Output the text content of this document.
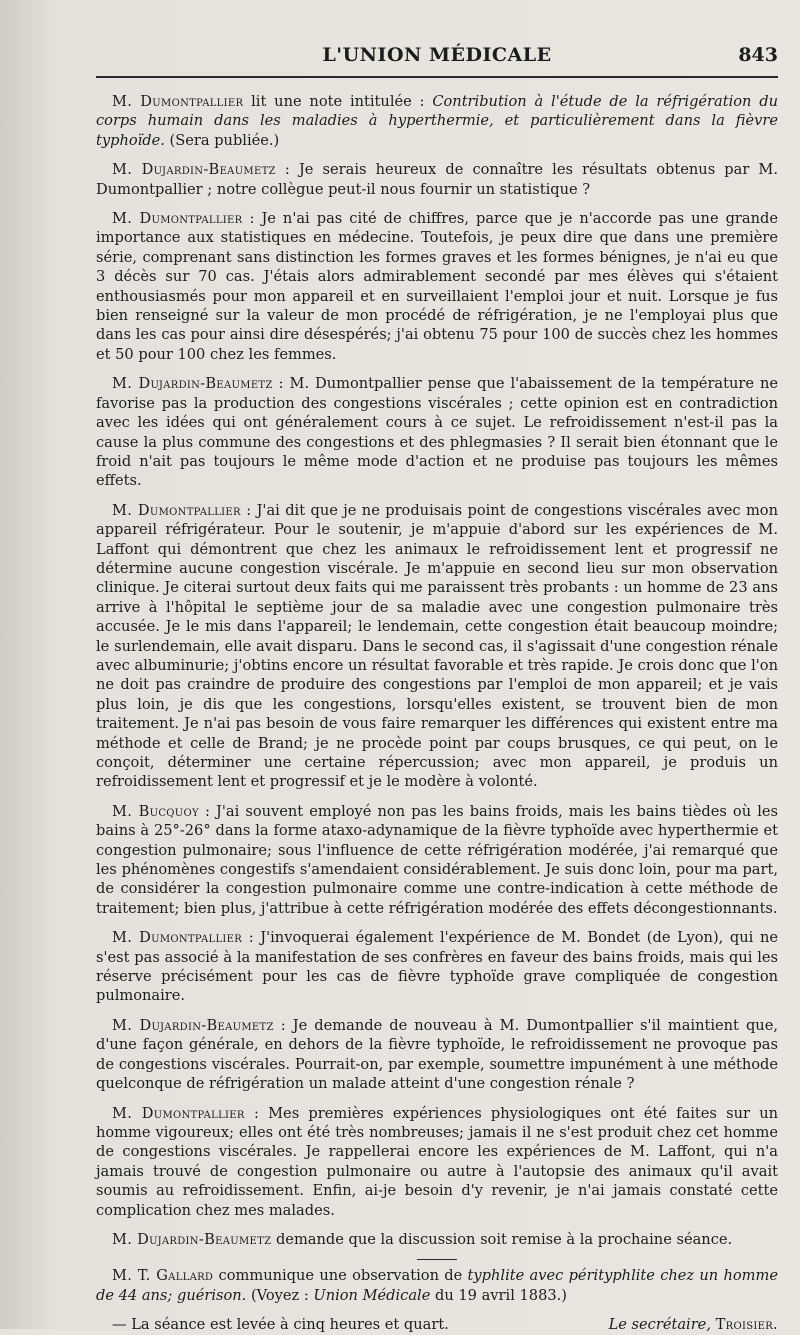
L'UNION MÉDICALE	843

M. Dumontpallier lit une note intitulée : Contribution à l'étude de la réfrigération du corps humain dans les maladies à hyperthermie, et particulièrement dans la fièvre typhoïde. (Sera publiée.)

M. Dujardin-Beaumetz : Je serais heureux de connaître les résultats obtenus par M. Dumontpallier ; notre collègue peut-il nous fournir un statistique ?

M. Dumontpallier : Je n'ai pas cité de chiffres, parce que je n'accorde pas une grande importance aux statistiques en médecine. Toutefois, je peux dire que dans une première série, comprenant sans distinction les formes graves et les formes bénignes, je n'ai eu que 3 décès sur 70 cas. J'étais alors admirablement secondé par mes élèves qui s'étaient enthousiasmés pour mon appareil et en surveillaient l'emploi jour et nuit. Lorsque je fus bien renseigné sur la valeur de mon procédé de réfrigération, je ne l'employai plus que dans les cas pour ainsi dire désespérés; j'ai obtenu 75 pour 100 de succès chez les hommes et 50 pour 100 chez les femmes.

M. Dujardin-Beaumetz : M. Dumontpallier pense que l'abaissement de la température ne favorise pas la production des congestions viscérales ; cette opinion est en contradiction avec les idées qui ont généralement cours à ce sujet. Le refroidissement n'est-il pas la cause la plus commune des congestions et des phlegmasies ? Il serait bien étonnant que le froid n'ait pas toujours le même mode d'action et ne produise pas toujours les mêmes effets.

M. Dumontpallier : J'ai dit que je ne produisais point de congestions viscérales avec mon appareil réfrigérateur. Pour le soutenir, je m'appuie d'abord sur les expériences de M. Laffont qui démontrent que chez les animaux le refroidissement lent et progressif ne détermine aucune congestion viscérale. Je m'appuie en second lieu sur mon observation clinique. Je citerai surtout deux faits qui me paraissent très probants : un homme de 23 ans arrive à l'hôpital le septième jour de sa maladie avec une congestion pulmonaire très accusée. Je le mis dans l'appareil; le lendemain, cette congestion était beaucoup moindre; le surlendemain, elle avait disparu. Dans le second cas, il s'agissait d'une congestion rénale avec albuminurie; j'obtins encore un résultat favorable et très rapide. Je crois donc que l'on ne doit pas craindre de produire des congestions par l'emploi de mon appareil; et je vais plus loin, je dis que les congestions, lorsqu'elles existent, se trouvent bien de mon traitement. Je n'ai pas besoin de vous faire remarquer les différences qui existent entre ma méthode et celle de Brand; je ne procède point par coups brusques, ce qui peut, on le conçoit, déterminer une certaine répercussion; avec mon appareil, je produis un refroidissement lent et progressif et je le modère à volonté.

M. Bucquoy : J'ai souvent employé non pas les bains froids, mais les bains tièdes où les bains à 25°-26° dans la forme ataxo-adynamique de la fièvre typhoïde avec hyperthermie et congestion pulmonaire; sous l'influence de cette réfrigération modérée, j'ai remarqué que les phénomènes congestifs s'amendaient considérablement. Je suis donc loin, pour ma part, de considérer la congestion pulmonaire comme une contre-indication à cette méthode de traitement; bien plus, j'attribue à cette réfrigération modérée des effets décongestionnants.

M. Dumontpallier : J'invoquerai également l'expérience de M. Bondet (de Lyon), qui ne s'est pas associé à la manifestation de ses confrères en faveur des bains froids, mais qui les réserve précisément pour les cas de fièvre typhoïde grave compliquée de congestion pulmonaire.

M. Dujardin-Beaumetz : Je demande de nouveau à M. Dumontpallier s'il maintient que, d'une façon générale, en dehors de la fièvre typhoïde, le refroidissement ne provoque pas de congestions viscérales. Pourrait-on, par exemple, soumettre impunément à une méthode quelconque de réfrigération un malade atteint d'une congestion rénale ?

M. Dumontpallier : Mes premières expériences physiologiques ont été faites sur un homme vigoureux; elles ont été très nombreuses; jamais il ne s'est produit chez cet homme de congestions viscérales. Je rappellerai encore les expériences de M. Laffont, qui n'a jamais trouvé de congestion pulmonaire ou autre à l'autopsie des animaux qu'il avait soumis au refroidissement. Enfin, ai-je besoin d'y revenir, je n'ai jamais constaté cette complication chez mes malades.

M. Dujardin-Beaumetz demande que la discussion soit remise à la prochaine séance.

M. T. Gallard communique une observation de typhlite avec pérityphlite chez un homme de 44 ans; guérison. (Voyez : Union Médicale du 19 avril 1883.)

— La séance est levée à cinq heures et quart.	Le secrétaire, Troisier.
